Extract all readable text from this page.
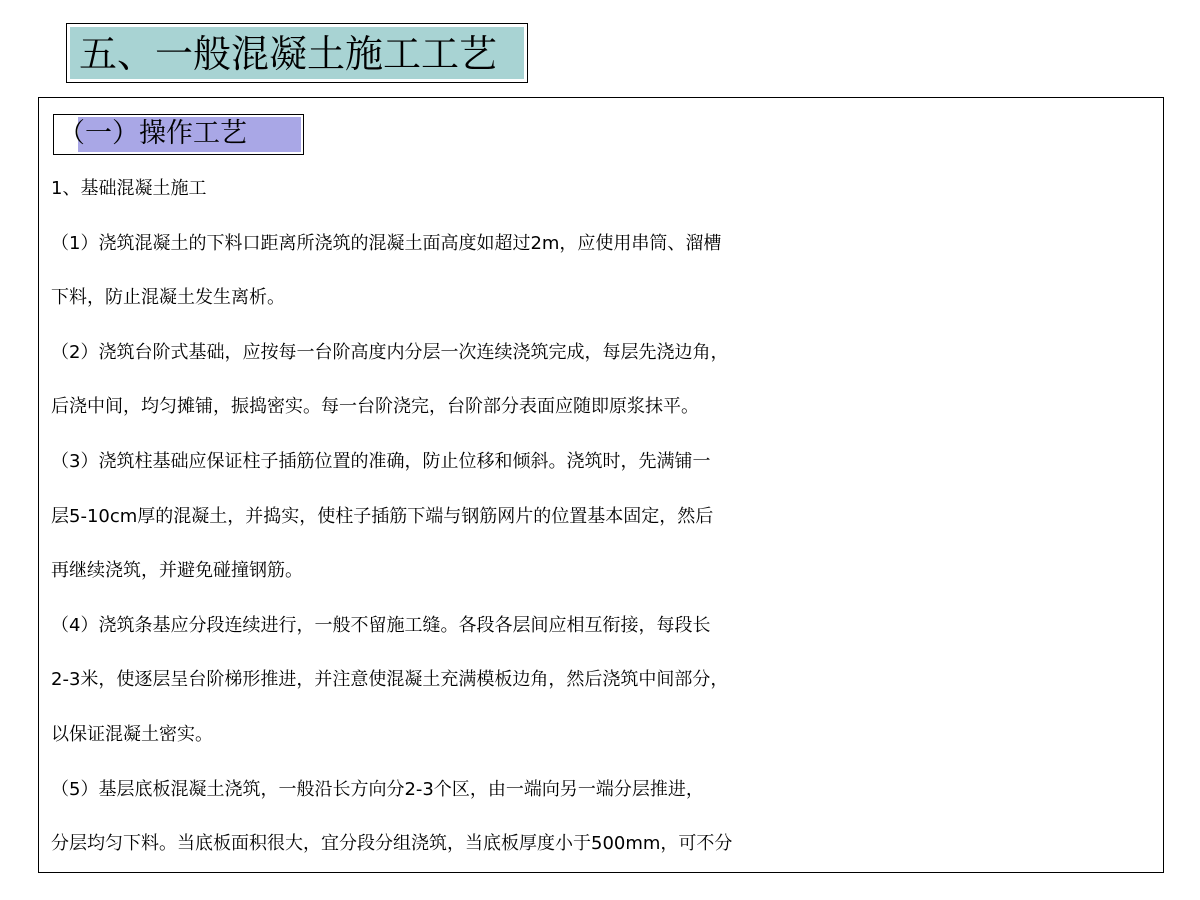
五、一般混凝土施工工艺
（一）操作工艺
1、基础混凝土施工
（1）浇筑混凝土的下料口距离所浇筑的混凝土面高度如超过2m，应使用串筒、溜槽
下料，防止混凝土发生离析。
（2）浇筑台阶式基础，应按每一台阶高度内分层一次连续浇筑完成，每层先浇边角，
后浇中间，均匀摊铺，振捣密实。每一台阶浇完，台阶部分表面应随即原浆抹平。
（3）浇筑柱基础应保证柱子插筋位置的准确，防止位移和倾斜。浇筑时，先满铺一
层5-10cm厚的混凝土，并捣实，使柱子插筋下端与钢筋网片的位置基本固定，然后
再继续浇筑，并避免碰撞钢筋。
（4）浇筑条基应分段连续进行，一般不留施工缝。各段各层间应相互衔接，每段长
2-3米，使逐层呈台阶梯形推进，并注意使混凝土充满模板边角，然后浇筑中间部分，
以保证混凝土密实。
（5）基层底板混凝土浇筑，一般沿长方向分2-3个区，由一端向另一端分层推进，
分层均匀下料。当底板面积很大，宜分段分组浇筑，当底板厚度小于500mm，可不分
